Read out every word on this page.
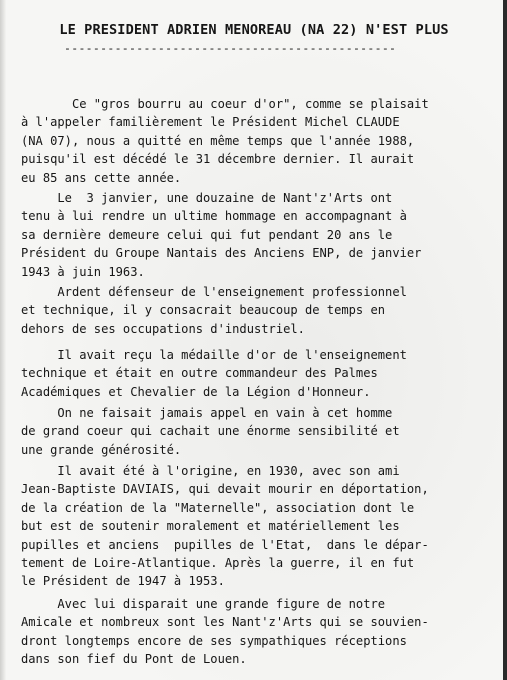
LE PRESIDENT ADRIEN MENOREAU (NA 22) N'EST PLUS
----------------------------------------------
Ce "gros bourru au coeur d'or", comme se plaisait
à l'appeler familièrement le Président Michel CLAUDE
(NA 07), nous a quitté en même temps que l'année 1988,
puisqu'il est décédé le 31 décembre dernier. Il aurait
eu 85 ans cette année.
Le  3 janvier, une douzaine de Nant'z'Arts ont
tenu à lui rendre un ultime hommage en accompagnant à
sa dernière demeure celui qui fut pendant 20 ans le
Président du Groupe Nantais des Anciens ENP, de janvier
1943 à juin 1963.
Ardent défenseur de l'enseignement professionnel
et technique, il y consacrait beaucoup de temps en
dehors de ses occupations d'industriel.
Il avait reçu la médaille d'or de l'enseignement
technique et était en outre commandeur des Palmes
Académiques et Chevalier de la Légion d'Honneur.
On ne faisait jamais appel en vain à cet homme
de grand coeur qui cachait une énorme sensibilité et
une grande générosité.
Il avait été à l'origine, en 1930, avec son ami
Jean-Baptiste DAVIAIS, qui devait mourir en déportation,
de la création de la "Maternelle", association dont le
but est de soutenir moralement et matériellement les
pupilles et anciens  pupilles de l'Etat,  dans le dépar-
tement de Loire-Atlantique. Après la guerre, il en fut
le Président de 1947 à 1953.
Avec lui disparait une grande figure de notre
Amicale et nombreux sont les Nant'z'Arts qui se souvien-
dront longtemps encore de ses sympathiques réceptions
dans son fief du Pont de Louen.
